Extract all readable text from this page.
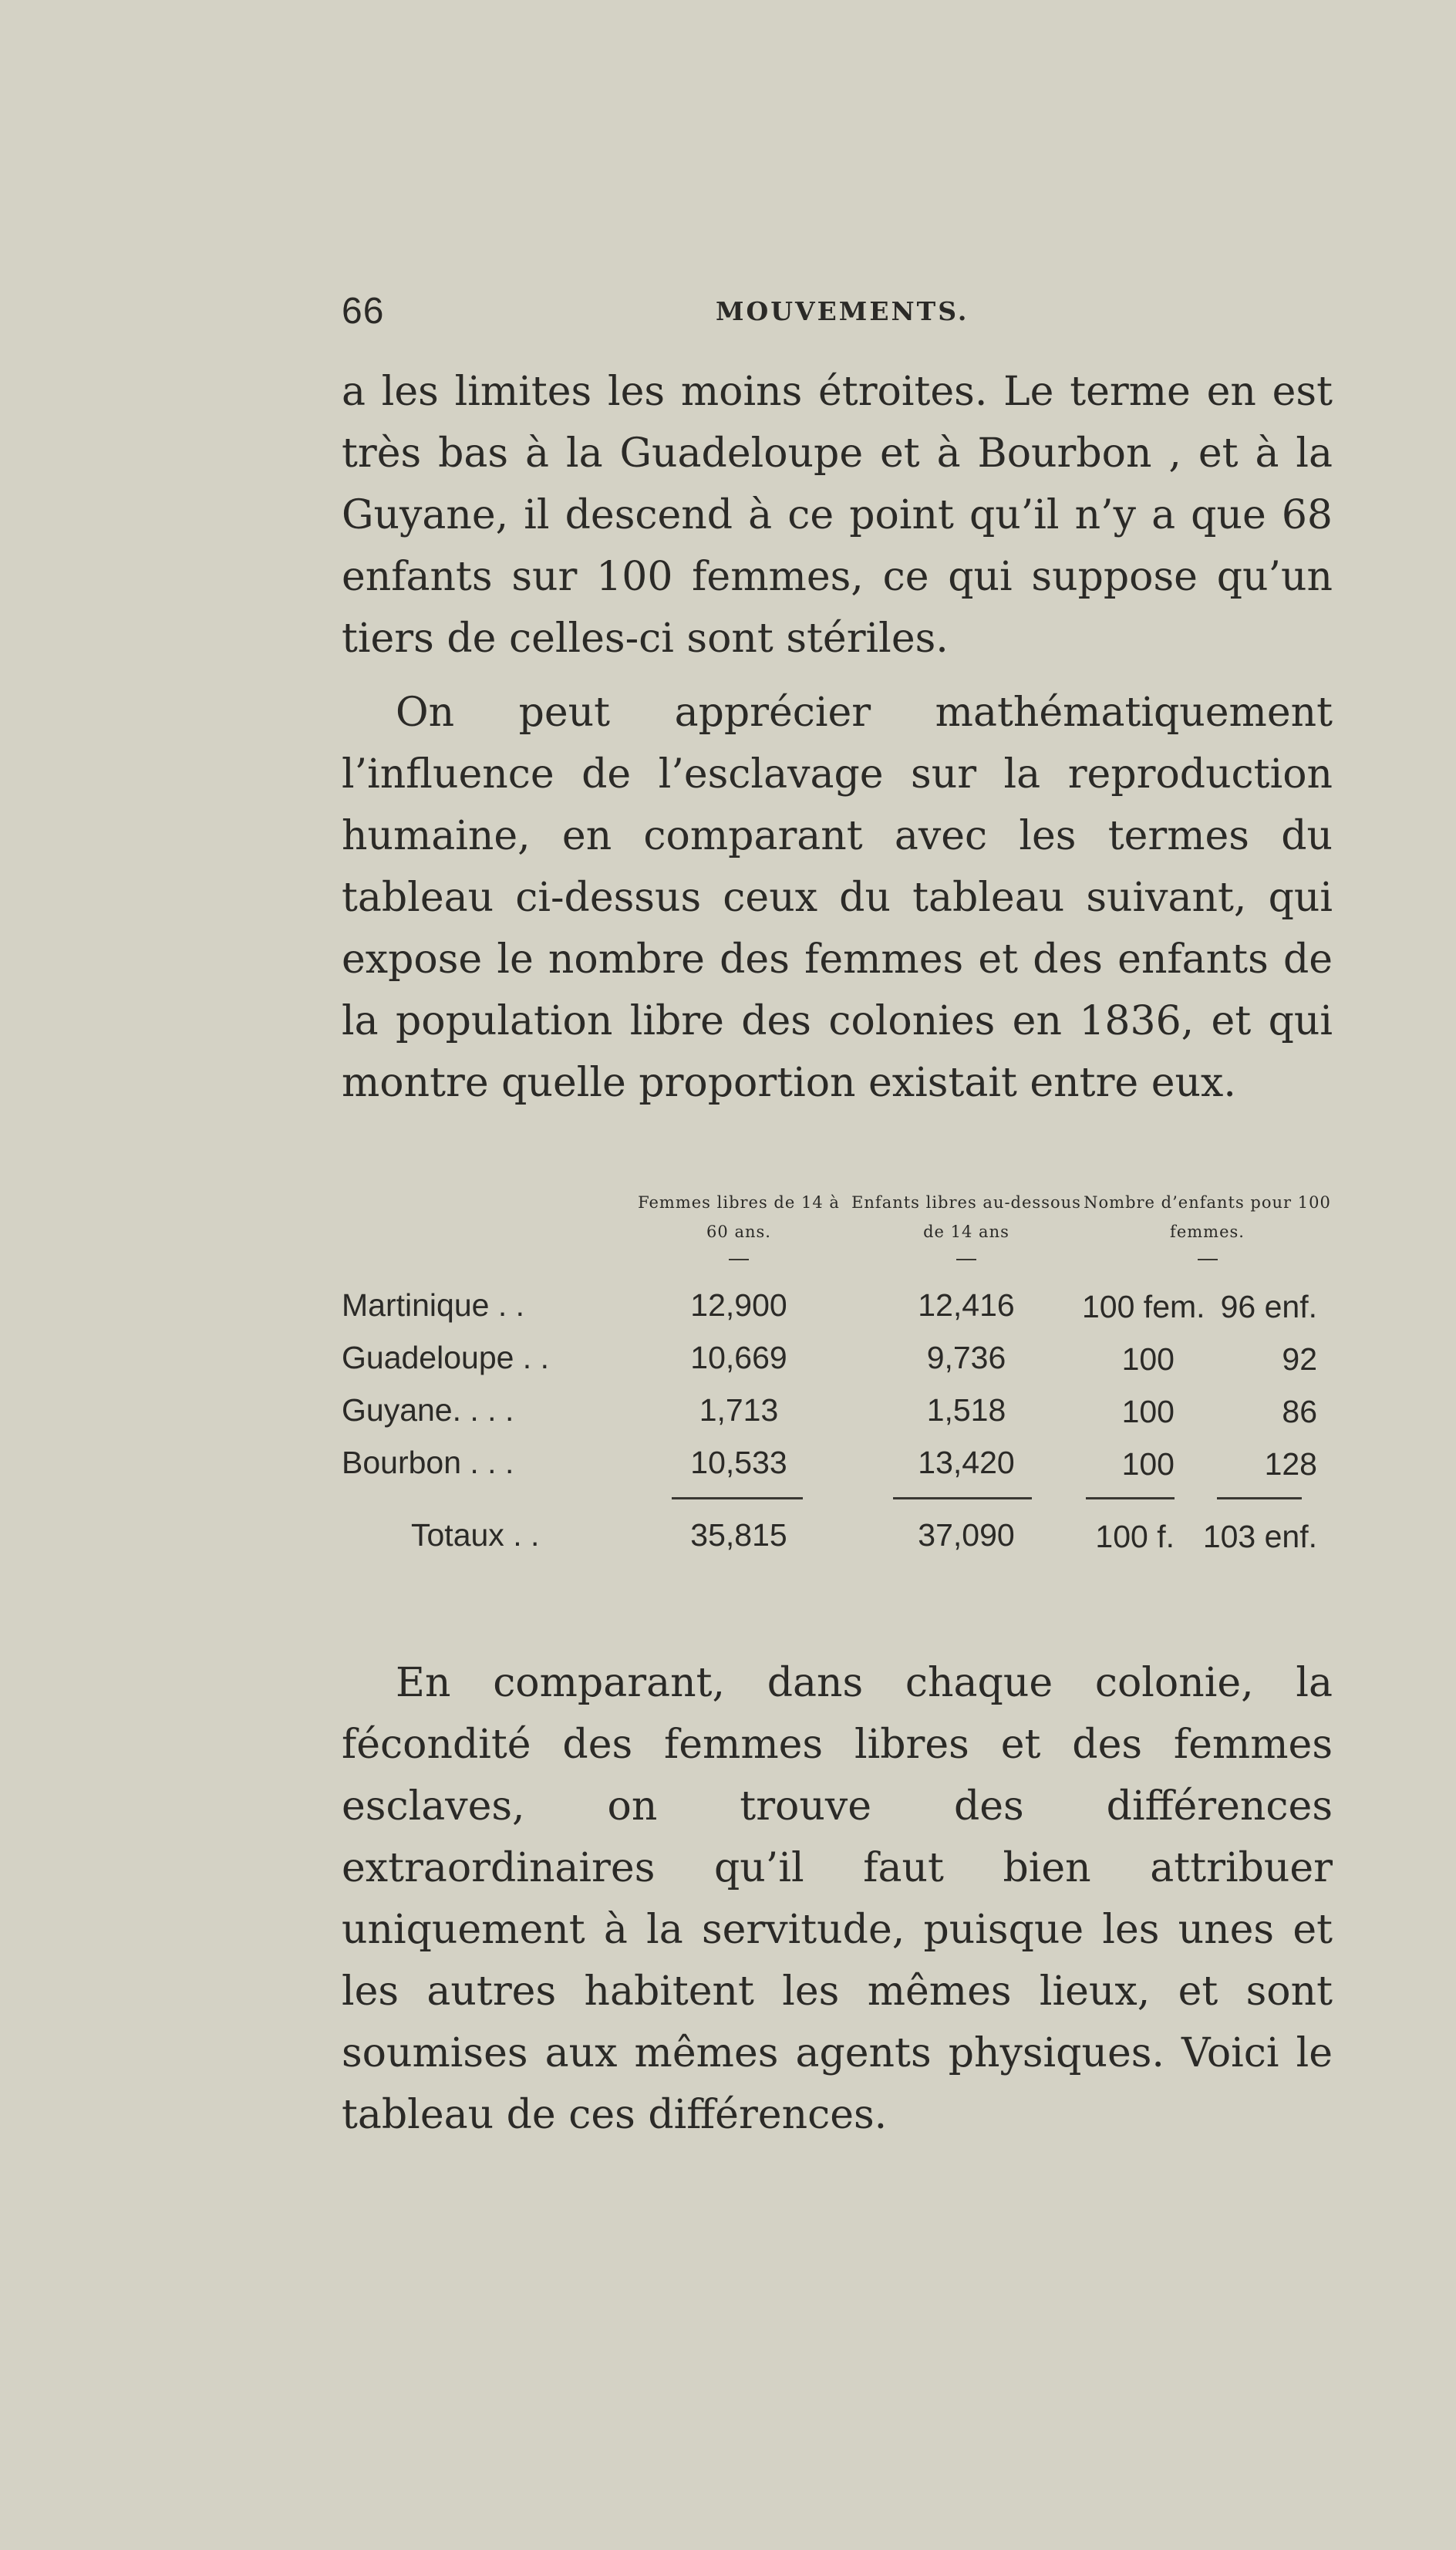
66	MOUVEMENTS.

a les limites les moins étroites. Le terme en est très bas à la Guadeloupe et à Bourbon , et à la Guyane, il descend à ce point qu’il n’y a que 68 enfants sur 100 femmes, ce qui suppose qu’un tiers de celles-ci sont stériles.

On peut apprécier mathématiquement l’influence de l’esclavage sur la reproduction humaine, en comparant avec les termes du tableau ci-dessus ceux du tableau suivant, qui expose le nombre des femmes et des enfants de la population libre des colonies en 1836, et qui montre quelle proportion existait entre eux.

	Femmes libres de 14 à 60 ans.	Enfants libres au-dessous de 14 ans	Nombre d’enfants pour 100 femmes.

Martinique . .	12,900	12,416	100 fem. 96 enf.

Guadeloupe . .	10,669	9,736	100 92

Guyane. . . .	1,713	1,518	100 86

Bourbon . . .	10,533	13,420	100 128

Totaux . .	35,815	37,090	100 f. 103 enf.

En comparant, dans chaque colonie, la fécondité des femmes libres et des femmes esclaves, on trouve des différences extraordinaires qu’il faut bien attribuer uniquement à la servitude, puisque les unes et les autres habitent les mêmes lieux, et sont soumises aux mêmes agents physiques. Voici le tableau de ces différences.
